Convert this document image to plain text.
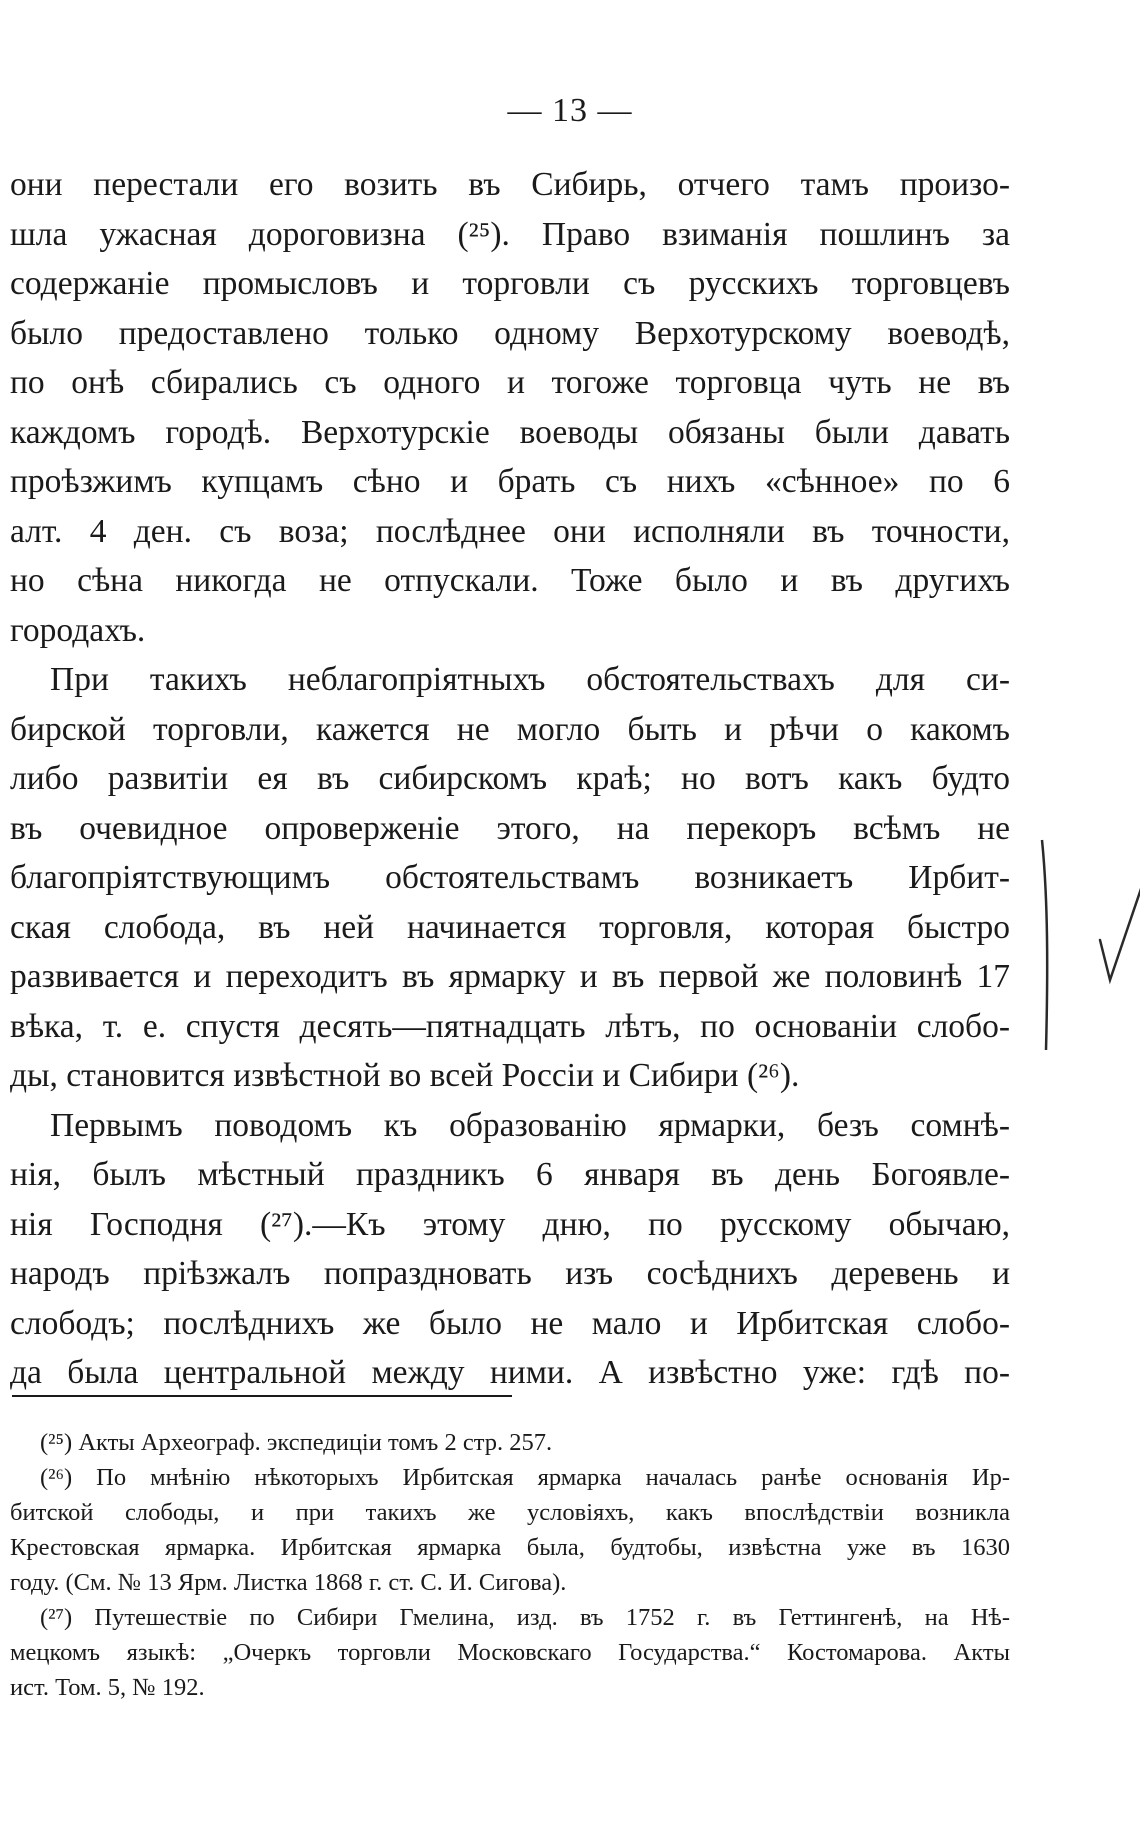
— 13 —
они перестали его возить въ Сибирь, отчего тамъ произо-
шла ужасная дороговизна (²⁵). Право взиманія пошлинъ за
содержаніе промысловъ и торговли съ русскихъ торговцевъ
было предоставлено только одному Верхотурскому воеводѣ,
по онѣ сбирались съ одного и тогоже торговца чуть не въ
каждомъ городѣ. Верхотурскіе воеводы обязаны были давать
проѣзжимъ купцамъ сѣно и брать съ нихъ «сѣнное» по 6
алт. 4 ден. съ воза; послѣднее они исполняли въ точности,
но сѣна никогда не отпускали. Тоже было и въ другихъ
городахъ.
При такихъ неблагопріятныхъ обстоятельствахъ для си-
бирской торговли, кажется не могло быть и рѣчи о какомъ
либо развитіи ея въ сибирскомъ краѣ; но вотъ какъ будто
въ очевидное опроверженіе этого, на перекоръ всѣмъ не
благопріятствующимъ обстоятельствамъ возникаетъ Ирбит-
ская слобода, въ ней начинается торговля, которая быстро
развивается и переходитъ въ ярмарку и въ первой же половинѣ 17
вѣка, т. е. спустя десять—пятнадцать лѣтъ, по основаніи слобо-
ды, становится извѣстной во всей Россіи и Сибири (²⁶).
Первымъ поводомъ къ образованію ярмарки, безъ сомнѣ-
нія, былъ мѣстный праздникъ 6 января въ день Богоявле-
нія Господня (²⁷).—Къ этому дню, по русскому обычаю,
народъ пріѣзжалъ попраздновать изъ сосѣднихъ деревень и
слободъ; послѣднихъ же было не мало и Ирбитская слобо-
да была центральной между ними. А извѣстно уже: гдѣ по-
(²⁵) Акты Археограф. экспедиціи томъ 2 стр. 257.
(²⁶) По мнѣнію нѣкоторыхъ Ирбитская ярмарка началась ранѣе основанія Ир-
битской слободы, и при такихъ же условіяхъ, какъ впослѣдствіи возникла
Крестовская ярмарка. Ирбитская ярмарка была, будтобы, извѣстна уже въ 1630
году. (См. № 13 Ярм. Листка 1868 г. ст. С. И. Сигова).
(²⁷) Путешествіе по Сибири Гмелина, изд. въ 1752 г. въ Геттингенѣ, на Нѣ-
мецкомъ языкѣ: „Очеркъ торговли Московскаго Государства.“ Костомарова. Акты
ист. Том. 5, № 192.
